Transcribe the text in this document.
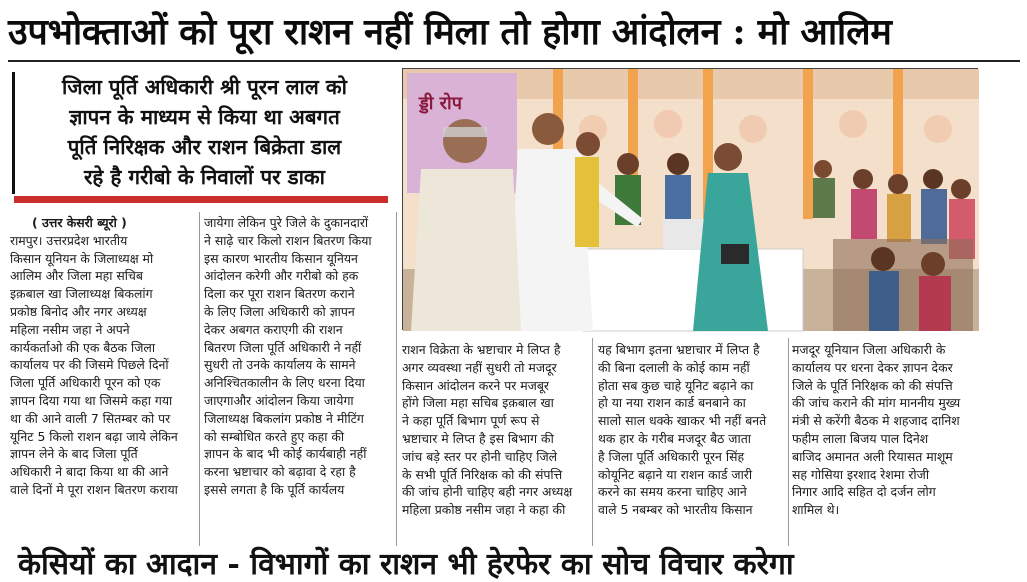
उपभोक्ताओं को पूरा राशन नहीं मिला तो होगा आंदोलन : मो आलिम
जिला पूर्ति अधिकारी श्री पूरन लाल को
ज्ञापन के माध्यम से किया था अबगत
पूर्ति निरिक्षक और राशन बिक्रेता डाल
रहे है गरीबो के निवालों पर डाका
ड्डी रोप

( उत्तर केसरी ब्यूरो )

रामपुर। उत्तरप्रदेश भारतीय

किसान यूनियन के जिलाध्यक्ष मो

आलिम और जिला महा सचिब

इक़बाल खा जिलाध्यक्ष बिकलांग

प्रकोष्ठ बिनोद और नगर अध्यक्ष

महिला नसीम जहा ने अपने

कार्यकर्ताओ की एक बैठक जिला

कार्यालय पर की जिसमे पिछले दिनों

जिला पूर्ति अधिकारी पूरन को एक

ज्ञापन दिया गया था जिसमे कहा गया

था की आने वाली 7 सितम्बर को पर

यूनिट 5 किलो राशन बढ़ा जाये लेकिन

ज्ञापन लेने के बाद जिला पूर्ति

अधिकारी ने बादा किया था की आने

वाले दिनों मे पूरा राशन बितरण कराया

जायेगा लेकिन पुरे जिले के दुकानदारों

ने साढ़े चार किलो राशन बितरण किया

इस कारण भारतीय किसान यूनियन

आंदोलन करेगी और गरीबो को हक

दिला कर पूरा राशन बितरण कराने

के लिए जिला अधिकारी को ज्ञापन

देकर अबगत कराएगी की राशन

बितरण जिला पूर्ति अधिकारी ने नहीं

सुधरी तो उनके कार्यालय के सामने

अनिश्चितकालीन के लिए धरना दिया

जाएगाऔर आंदोलन किया जायेगा

जिलाध्यक्ष बिकलांग प्रकोष्ठ ने मीटिंग

को सम्बोधित करते हुए कहा की

ज्ञापन के बाद भी कोई कार्यबाही नहीं

करना भ्रष्टाचार को बढ़ावा दे रहा है

इससे लगता है कि पूर्ति कार्यलय

राशन विक्रेता के भ्रष्टाचार मे लिप्त है

अगर व्यवस्था नहीं सुधरी तो मजदूर

किसान आंदोलन करने पर मजबूर

होंगे जिला महा सचिब इक़बाल खा

ने कहा पूर्ति बिभाग पूर्ण रूप से

भ्रष्टाचार मे लिप्त है इस बिभाग की

जांच बड़े स्तर पर होनी चाहिए जिले

के सभी पूर्ति निरिक्षक को की संपत्ति

की जांच होनी चाहिए बही नगर अध्यक्ष

महिला प्रकोष्ठ नसीम जहा ने कहा की

यह बिभाग इतना भ्रष्टाचार में लिप्त है

की बिना दलाली के कोई काम नहीं

होता सब कुछ चाहे यूनिट बढ़ाने का

हो या नया राशन कार्ड बनबाने का

सालो साल धक्के खाकर भी नहीं बनते

थक हार के गरीब मजदूर बैठ जाता

है जिला पूर्ति अधिकारी पूरन सिंह

कोयूनिट बढ़ाने या राशन कार्ड जारी

करने का समय करना चाहिए आने

वाले 5 नबम्बर को भारतीय किसान

मजदूर यूनियान जिला अधिकारी के

कार्यालय पर धरना देकर ज्ञापन देकर

जिले के पूर्ति निरिक्षक को की संपत्ति

की जांच कराने की मांग माननीय मुख्य

मंत्री से करेंगी बैठक मे शहजाद दानिश

फहीम लाला बिजय पाल दिनेश

बाजिद अमानत अली रियासत माशूम

सह गोसिया इरशाद रेशमा रोजी

निगार आदि सहित दो दर्जन लोग

शामिल थे।

केसियों का आदान - विभागों का राशन भी हेरफेर का सोच विचार करेगा
